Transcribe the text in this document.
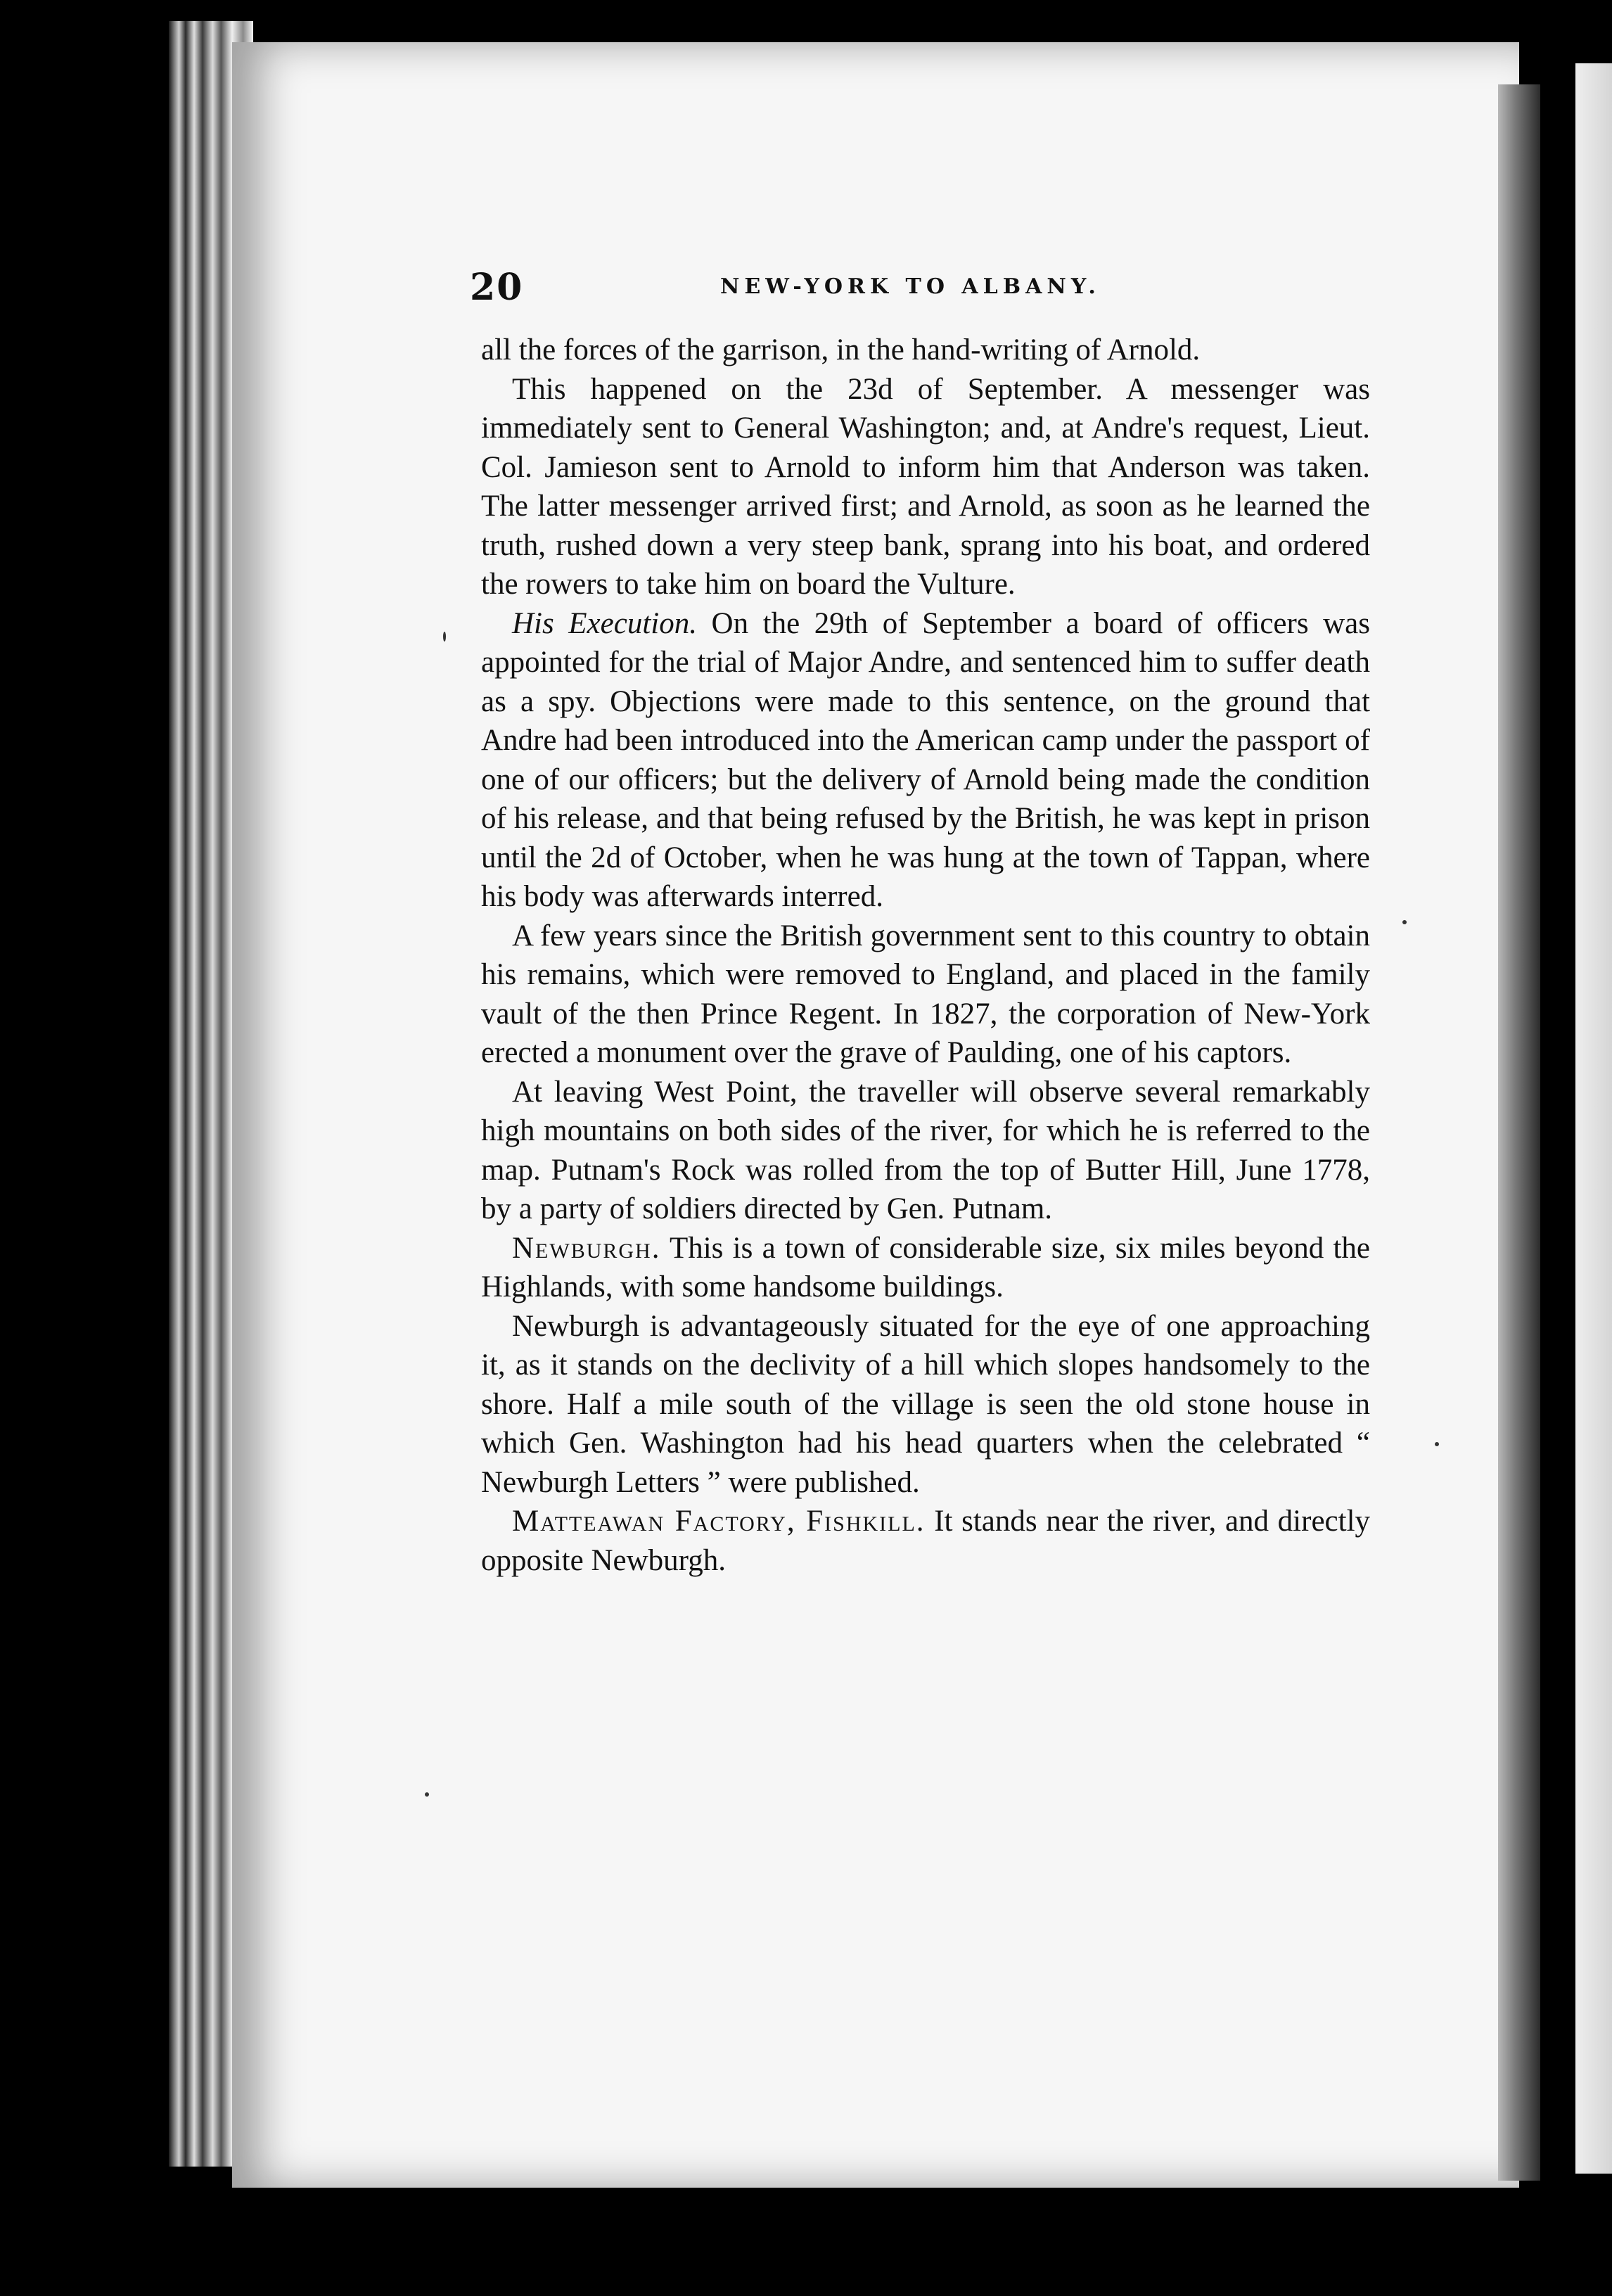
20	NEW-YORK TO ALBANY.

all the forces of the garrison, in the hand-writing of Arnold.

This happened on the 23d of September. A messenger was immediately sent to General Washington; and, at Andre's request, Lieut. Col. Jamieson sent to Arnold to inform him that Anderson was taken. The latter messenger arrived first; and Arnold, as soon as he learned the truth, rushed down a very steep bank, sprang into his boat, and ordered the rowers to take him on board the Vulture.

His Execution. On the 29th of September a board of officers was appointed for the trial of Major Andre, and sentenced him to suffer death as a spy. Objections were made to this sentence, on the ground that Andre had been introduced into the American camp under the passport of one of our officers; but the delivery of Arnold being made the condition of his release, and that being refused by the British, he was kept in prison until the 2d of October, when he was hung at the town of Tappan, where his body was afterwards interred.

A few years since the British government sent to this country to obtain his remains, which were removed to England, and placed in the family vault of the then Prince Regent. In 1827, the corporation of New-York erected a monument over the grave of Paulding, one of his captors.

At leaving West Point, the traveller will observe several remarkably high mountains on both sides of the river, for which he is referred to the map. Putnam's Rock was rolled from the top of Butter Hill, June 1778, by a party of soldiers directed by Gen. Putnam.

Newburgh. This is a town of considerable size, six miles beyond the Highlands, with some handsome buildings.

Newburgh is advantageously situated for the eye of one approaching it, as it stands on the declivity of a hill which slopes handsomely to the shore. Half a mile south of the village is seen the old stone house in which Gen. Washington had his head quarters when the celebrated “ Newburgh Letters ” were published.

Matteawan Factory, Fishkill. It stands near the river, and directly opposite Newburgh.
